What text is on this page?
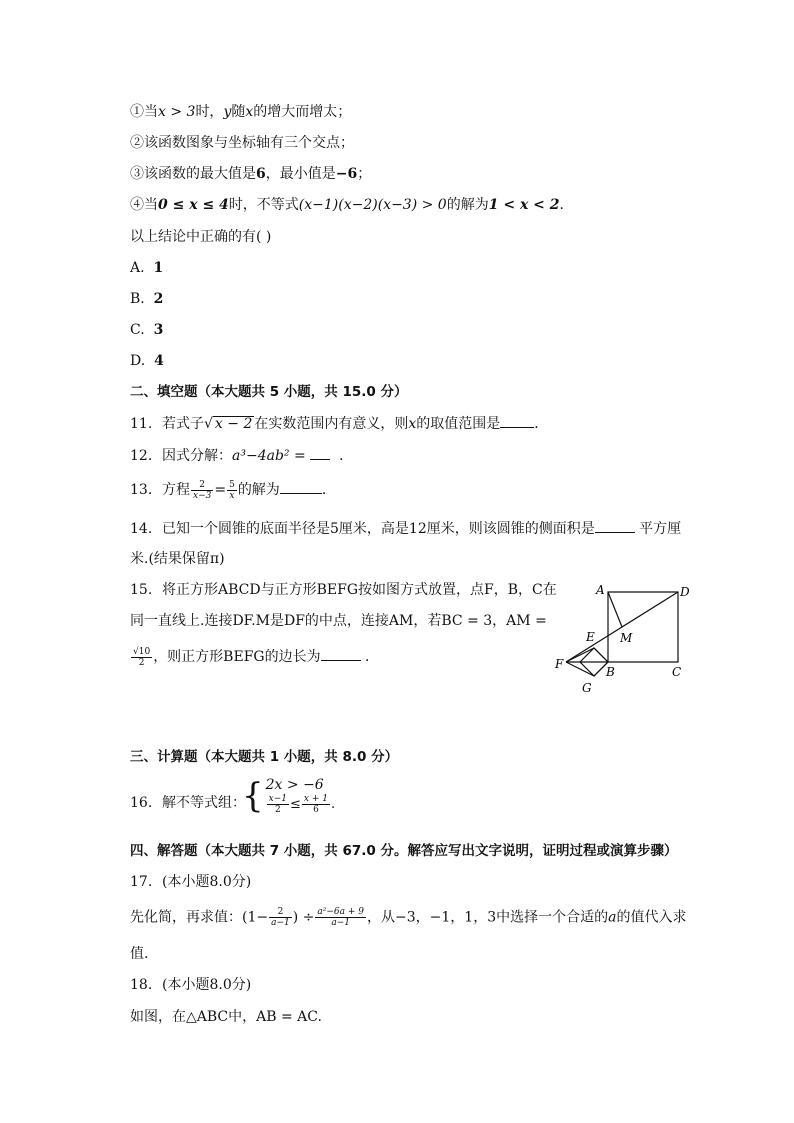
①当x > 3时，y随x的增大而增太；
②该函数图象与坐标轴有三个交点；
③该函数的最大值是6，最小值是−6；
④当0 ≤ x ≤ 4时，不等式(x−1)(x−2)(x−3) > 0的解为1 < x < 2．
以上结论中正确的有( )
A. 1
B. 2
C. 3
D. 4
二、填空题（本大题共 5 小题，共 15.0 分）
11. 若式子√ x − 2 在实数范围内有意义，则x的取值范围是 ．
12. 因式分解：a³−4ab² = ．
13. 方程 $\frac{2}{x-3} = \frac{5}{x}$ 的解为	．
14. 已知一个圆锥的底面半径是5厘米，高是12厘米，则该圆锥的侧面积是	平方厘
米.(结果保留π)
15. 将正方形ABCD与正方形BEFG按如图方式放置，点F，B，C在
同一直线上.连接DF.M是DF的中点，连接AM，若BC = 3，AM =
$\frac{√10}{2}$ ，则正方形BEFG的边长为	．
A	D
E M
F
B	C
G
三、计算题（本大题共 1 小题，共 8.0 分）
16. 解不等式组：
{ 2x > −6
$\frac{x-1}{2} \le \frac{x + 1}{6}$ .
四、解答题（本大题共 7 小题，共 67.0 分。解答应写出文字说明，证明过程或演算步骤）
17. (本小题8.0分)
先化简，再求值：($1- \frac{2}{a-1}$ ) ÷ $\frac{\text{a²−6a + 9}}{a-1}$ ，从−3，−1，1，3中选择一个合适的a的值代入求
值.
18. (本小题8.0分)
如图，在△ABC中，AB = AC.
